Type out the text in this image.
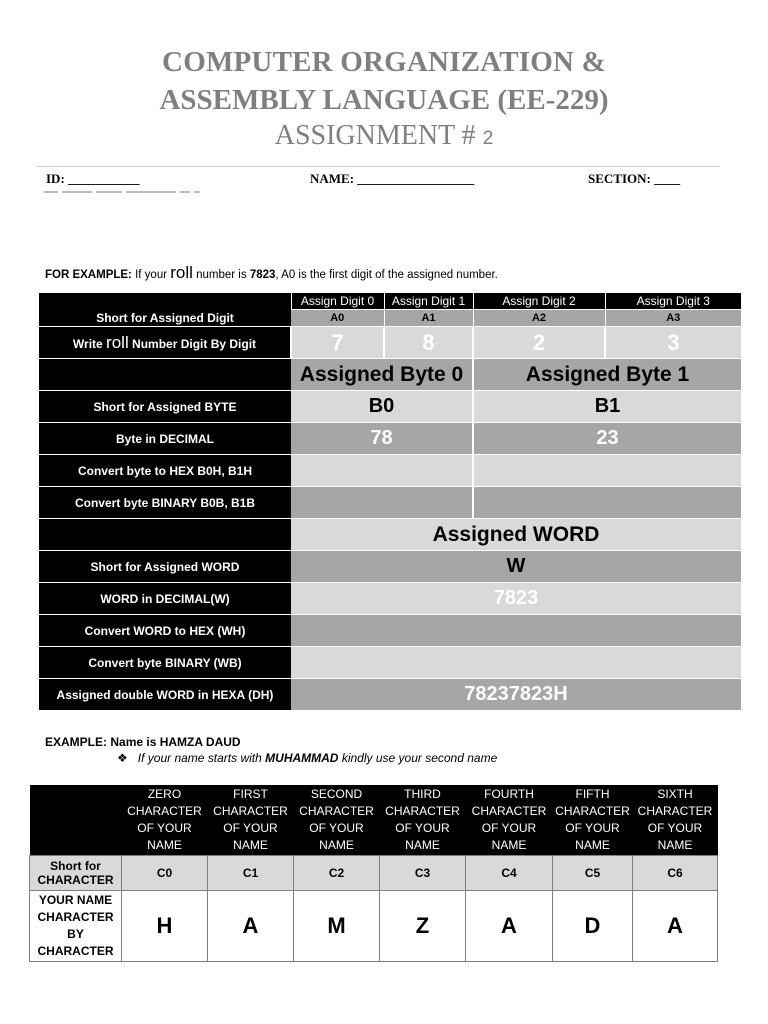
COMPUTER ORGANIZATION &
ASSEMBLY LANGUAGE (EE-229)
ASSIGNMENT # 2
ID: ___________	NAME: __________________	SECTION: ____
FOR EXAMPLE: If your roll number is 7823, A0 is the first digit of the assigned number.
	Assign Digit 0	Assign Digit 1	Assign Digit 2	Assign Digit 3
Short for Assigned Digit	A0	A1	A2	A3
Write roll Number Digit By Digit	7	8	2	3
	Assigned Byte 0		Assigned Byte 1	
Short for Assigned BYTE	B0		B1	
Byte in DECIMAL	78		23	
Convert byte to HEX B0H, B1H				
Convert byte BINARY B0B, B1B				
	Assigned WORD			
Short for Assigned WORD	W			
WORD in DECIMAL(W)	7823			
Convert WORD to HEX (WH)				
Convert byte BINARY (WB)				
Assigned double WORD in HEXA (DH)	78237823H			
EXAMPLE: Name is HAMZA DAUD
❖ If your name starts with MUHAMMAD kindly use your second name
	ZERO
CHARACTER
OF YOUR
NAME	FIRST
CHARACTER
OF YOUR
NAME	SECOND
CHARACTER
OF YOUR
NAME	THIRD
CHARACTER
OF YOUR
NAME	FOURTH
CHARACTER
OF YOUR
NAME	FIFTH
CHARACTER
OF YOUR
NAME	SIXTH
CHARACTER
OF YOUR
NAME
Short for
CHARACTER	C0	C1	C2	C3	C4	C5	C6
YOUR NAME
CHARACTER
BY
CHARACTER	H	A	M	Z	A	D	A
